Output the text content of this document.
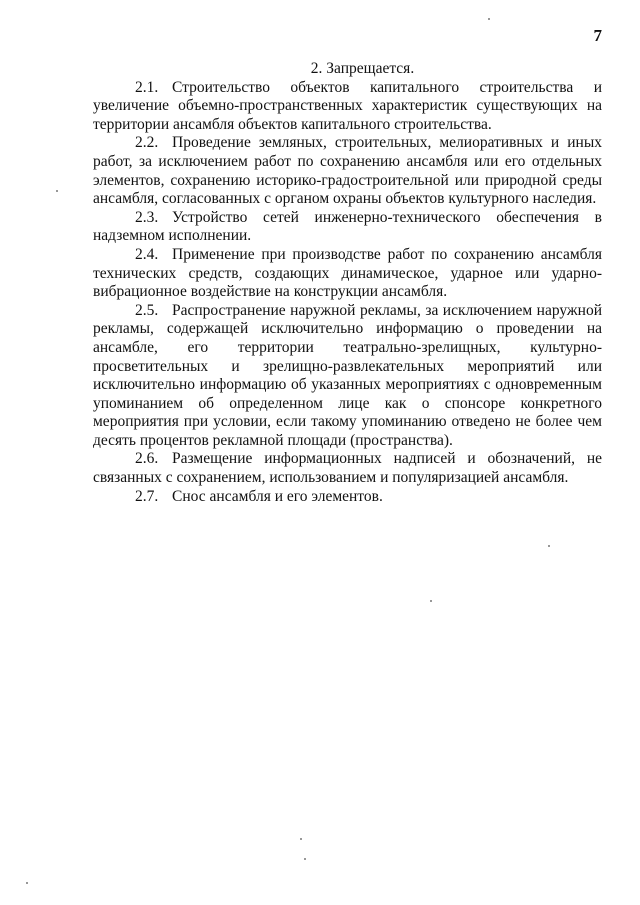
7

2. Запрещается.

2.1. Строительство объектов капитального строительства и увеличение объемно-пространственных характеристик существующих на территории ансамбля объектов капитального строительства.

2.2. Проведение земляных, строительных, мелиоративных и иных работ, за исключением работ по сохранению ансамбля или его отдельных элементов, сохранению историко-градостроительной или природной среды ансамбля, согласованных с органом охраны объектов культурного наследия.

2.3. Устройство сетей инженерно-технического обеспечения в надземном исполнении.

2.4. Применение при производстве работ по сохранению ансамбля технических средств, создающих динамическое, ударное или ударно-вибрационное воздействие на конструкции ансамбля.

2.5. Распространение наружной рекламы, за исключением наружной рекламы, содержащей исключительно информацию о проведении на ансамбле, его территории театрально-зрелищных, культурно-просветительных и зрелищно-развлекательных мероприятий или исключительно информацию об указанных мероприятиях с одновременным упоминанием об определенном лице как о спонсоре конкретного мероприятия при условии, если такому упоминанию отведено не более чем десять процентов рекламной площади (пространства).

2.6. Размещение информационных надписей и обозначений, не связанных с сохранением, использованием и популяризацией ансамбля.

2.7. Снос ансамбля и его элементов.
